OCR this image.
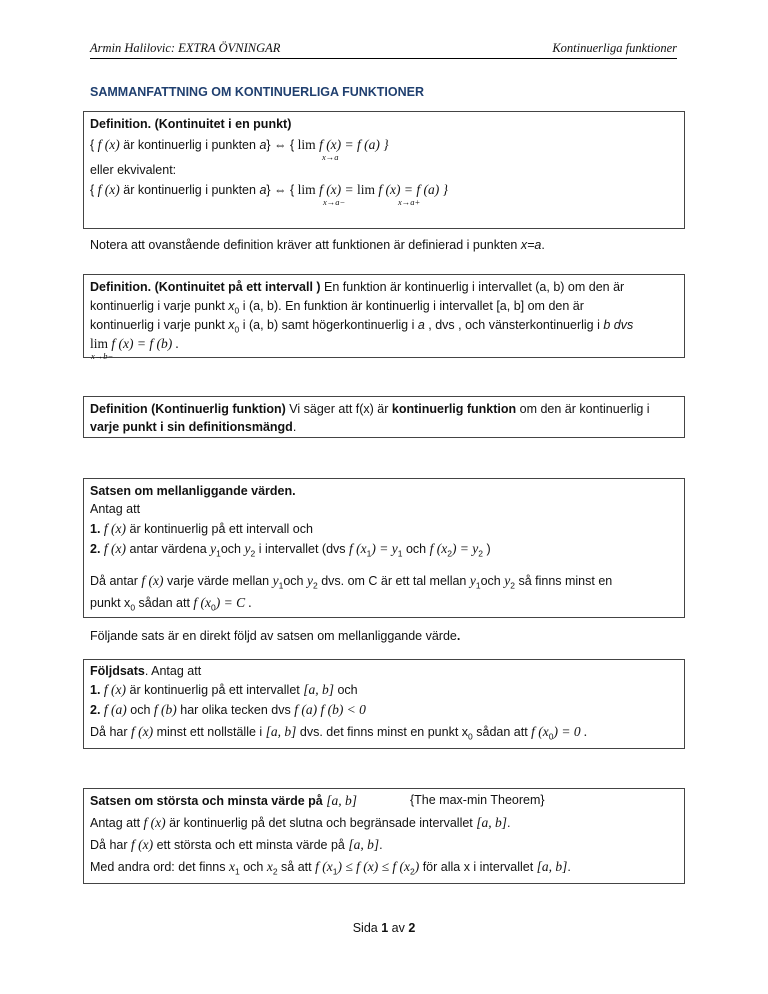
Armin Halilovic: EXTRA ÖVNINGAR	Kontinuerliga funktioner
SAMMANFATTNING OM KONTINUERLIGA FUNKTIONER
Definition. (Kontinuitet i en punkt)
{ f (x) är kontinuerlig i punkten a} ⇔ { lim f (x) = f (a) }
x→a
eller ekvivalent:
{ f (x) är kontinuerlig i punkten a} ⇔ { lim f (x) = lim f (x) = f (a) }
x→a−	x→a+
Notera att ovanstående definition kräver att funktionen är definierad i punkten x=a.
Definition. (Kontinuitet på ett intervall ) En funktion är kontinuerlig i intervallet (a, b) om den är
kontinuerlig i varje punkt $x_0$ i (a, b). En funktion är kontinuerlig i intervallet [a, b] om den är
kontinuerlig i varje punkt $x_0$ i (a, b) samt högerkontinuerlig i a , dvs , och vänsterkontinuerlig i b dvs
lim f (x) = f (b) .
x→b−
Definition (Kontinuerlig funktion) Vi säger att f(x) är kontinuerlig funktion om den är kontinuerlig i
varje punkt i sin definitionsmängd.
Satsen om mellanliggande värden.
Antag att
1. f (x) är kontinuerlig på ett intervall och
2. f (x) antar värdena $y_1och$ $y_2$ i intervallet (dvs f $(x_1) = y_1$ och f $(x_2) = y_2$ )
Då antar f (x) varje värde mellan $y_1och$ $y_2$ dvs. om C är ett tal mellan $y_1och$ $y_2$ så finns minst en
punkt $x_0$ sådan att f $(x_0) = C$ .
Följande sats är en direkt följd av satsen om mellanliggande värde.
Följdsats. Antag att
1. f (x) är kontinuerlig på ett intervallet [a, b] och
2. f (a) och f (b) har olika tecken dvs f (a) f (b) < 0
Då har f (x) minst ett nollställe i [a, b] dvs. det finns minst en punkt $x_0$ sådan att f $(x_0) = 0$ .
Satsen om största och minsta värde på [a, b]	{The max-min Theorem}
Antag att f (x) är kontinuerlig på det slutna och begränsade intervallet [a, b].
Då har f (x) ett största och ett minsta värde på [a, b].
Med andra ord: det finns $x_1$ och $x_2$ så att f $(x_1) \le f$ (x) ≤ f $(x_2)$ för alla x i intervallet [a, b].
Sida 1 av 2
